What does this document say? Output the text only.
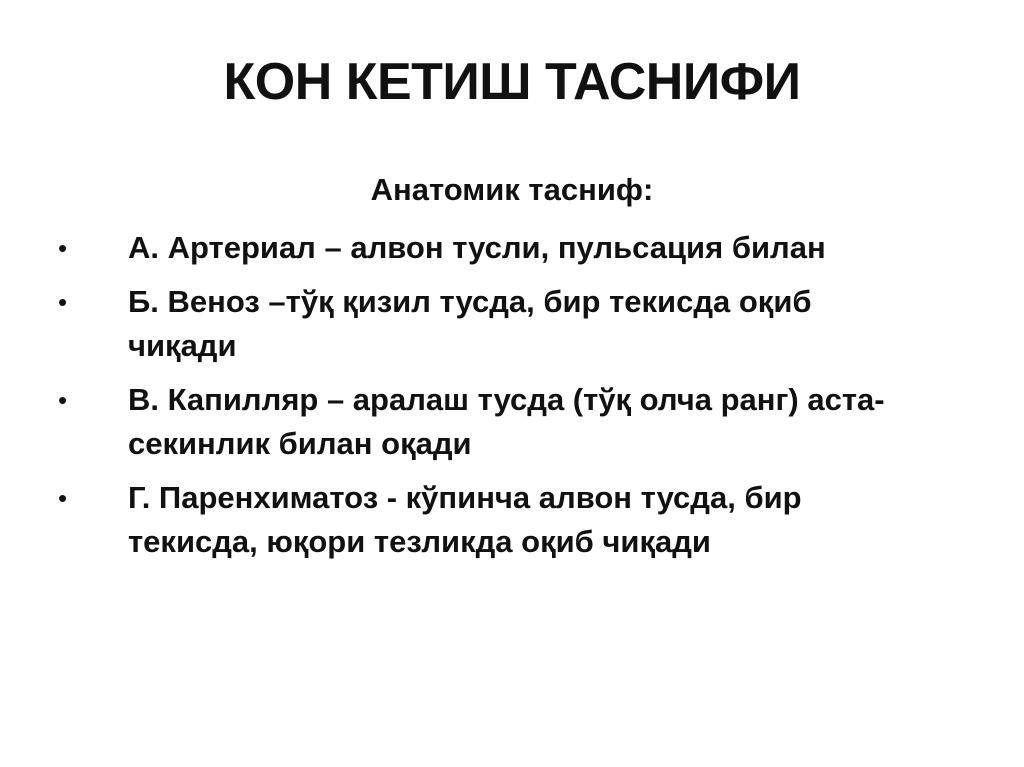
КОН КЕТИШ ТАСНИФИ
Анатомик тасниф:
• А. Артериал – алвон тусли, пульсация билан
• Б. Веноз –тўқ қизил тусда, бир текисда оқиб чиқади
• В. Капилляр – аралаш тусда (тўқ олча ранг) аста-секинлик билан оқади
• Г. Паренхиматоз - кўпинча алвон тусда, бир текисда, юқори тезликда оқиб чиқади
